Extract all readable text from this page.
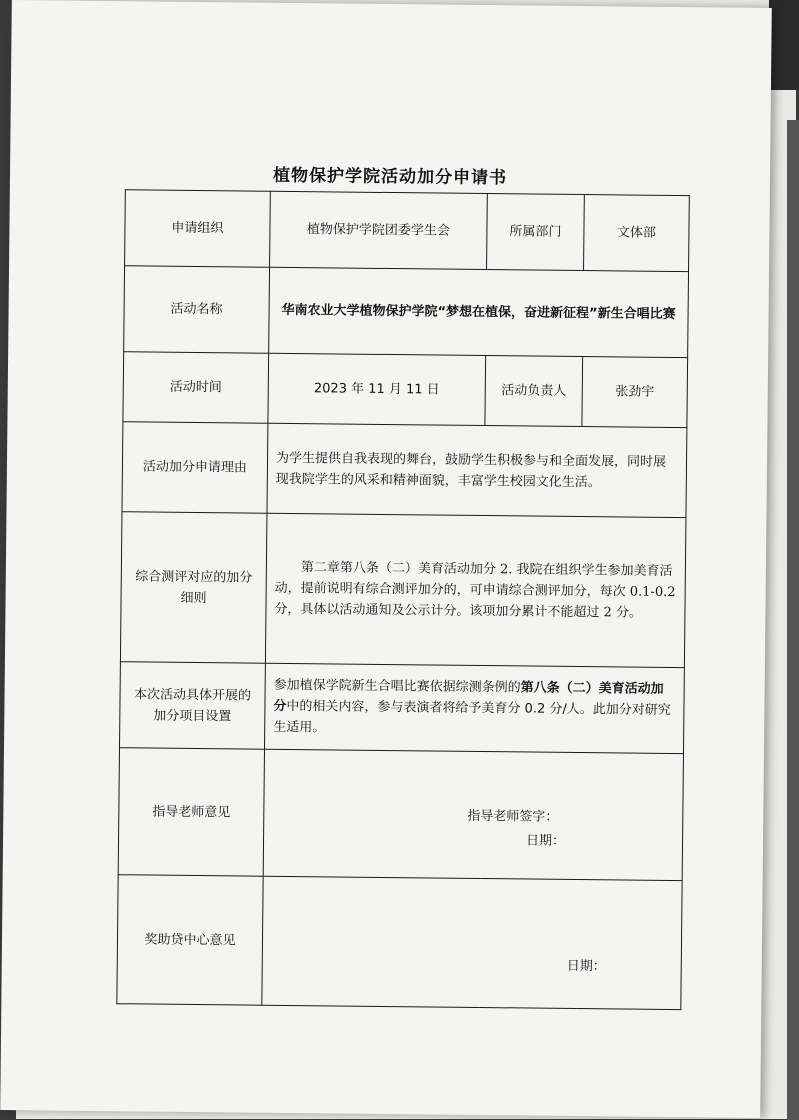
植物保护学院活动加分申请书
申请组织	植物保护学院团委学生会	所属部门	文体部
活动名称	华南农业大学植物保护学院“梦想在植保，奋进新征程”新生合唱比赛		
活动时间	2023 年 11 月 11 日	活动负责人	张劲宇
活动加分申请理由	为学生提供自我表现的舞台，鼓励学生积极参与和全面发展，同时展现我院学生的风采和精神面貌，丰富学生校园文化生活。		
综合测评对应的加分细则	第二章第八条（二）美育活动加分 2. 我院在组织学生参加美育活动，提前说明有综合测评加分的，可申请综合测评加分，每次 0.1-0.2 分，具体以活动通知及公示计分。该项加分累计不能超过 2 分。		

本次活动具体开展的加分项目设置	参加植保学院新生合唱比赛依据综测条例的第八条（二）美育活动加分中的相关内容，参与表演者将给予美育分 0.2 分/人。此加分对研究生适用。		
指导老师意见	指导老师签字：
日期：		

奖助贷中心意见	日期：		
